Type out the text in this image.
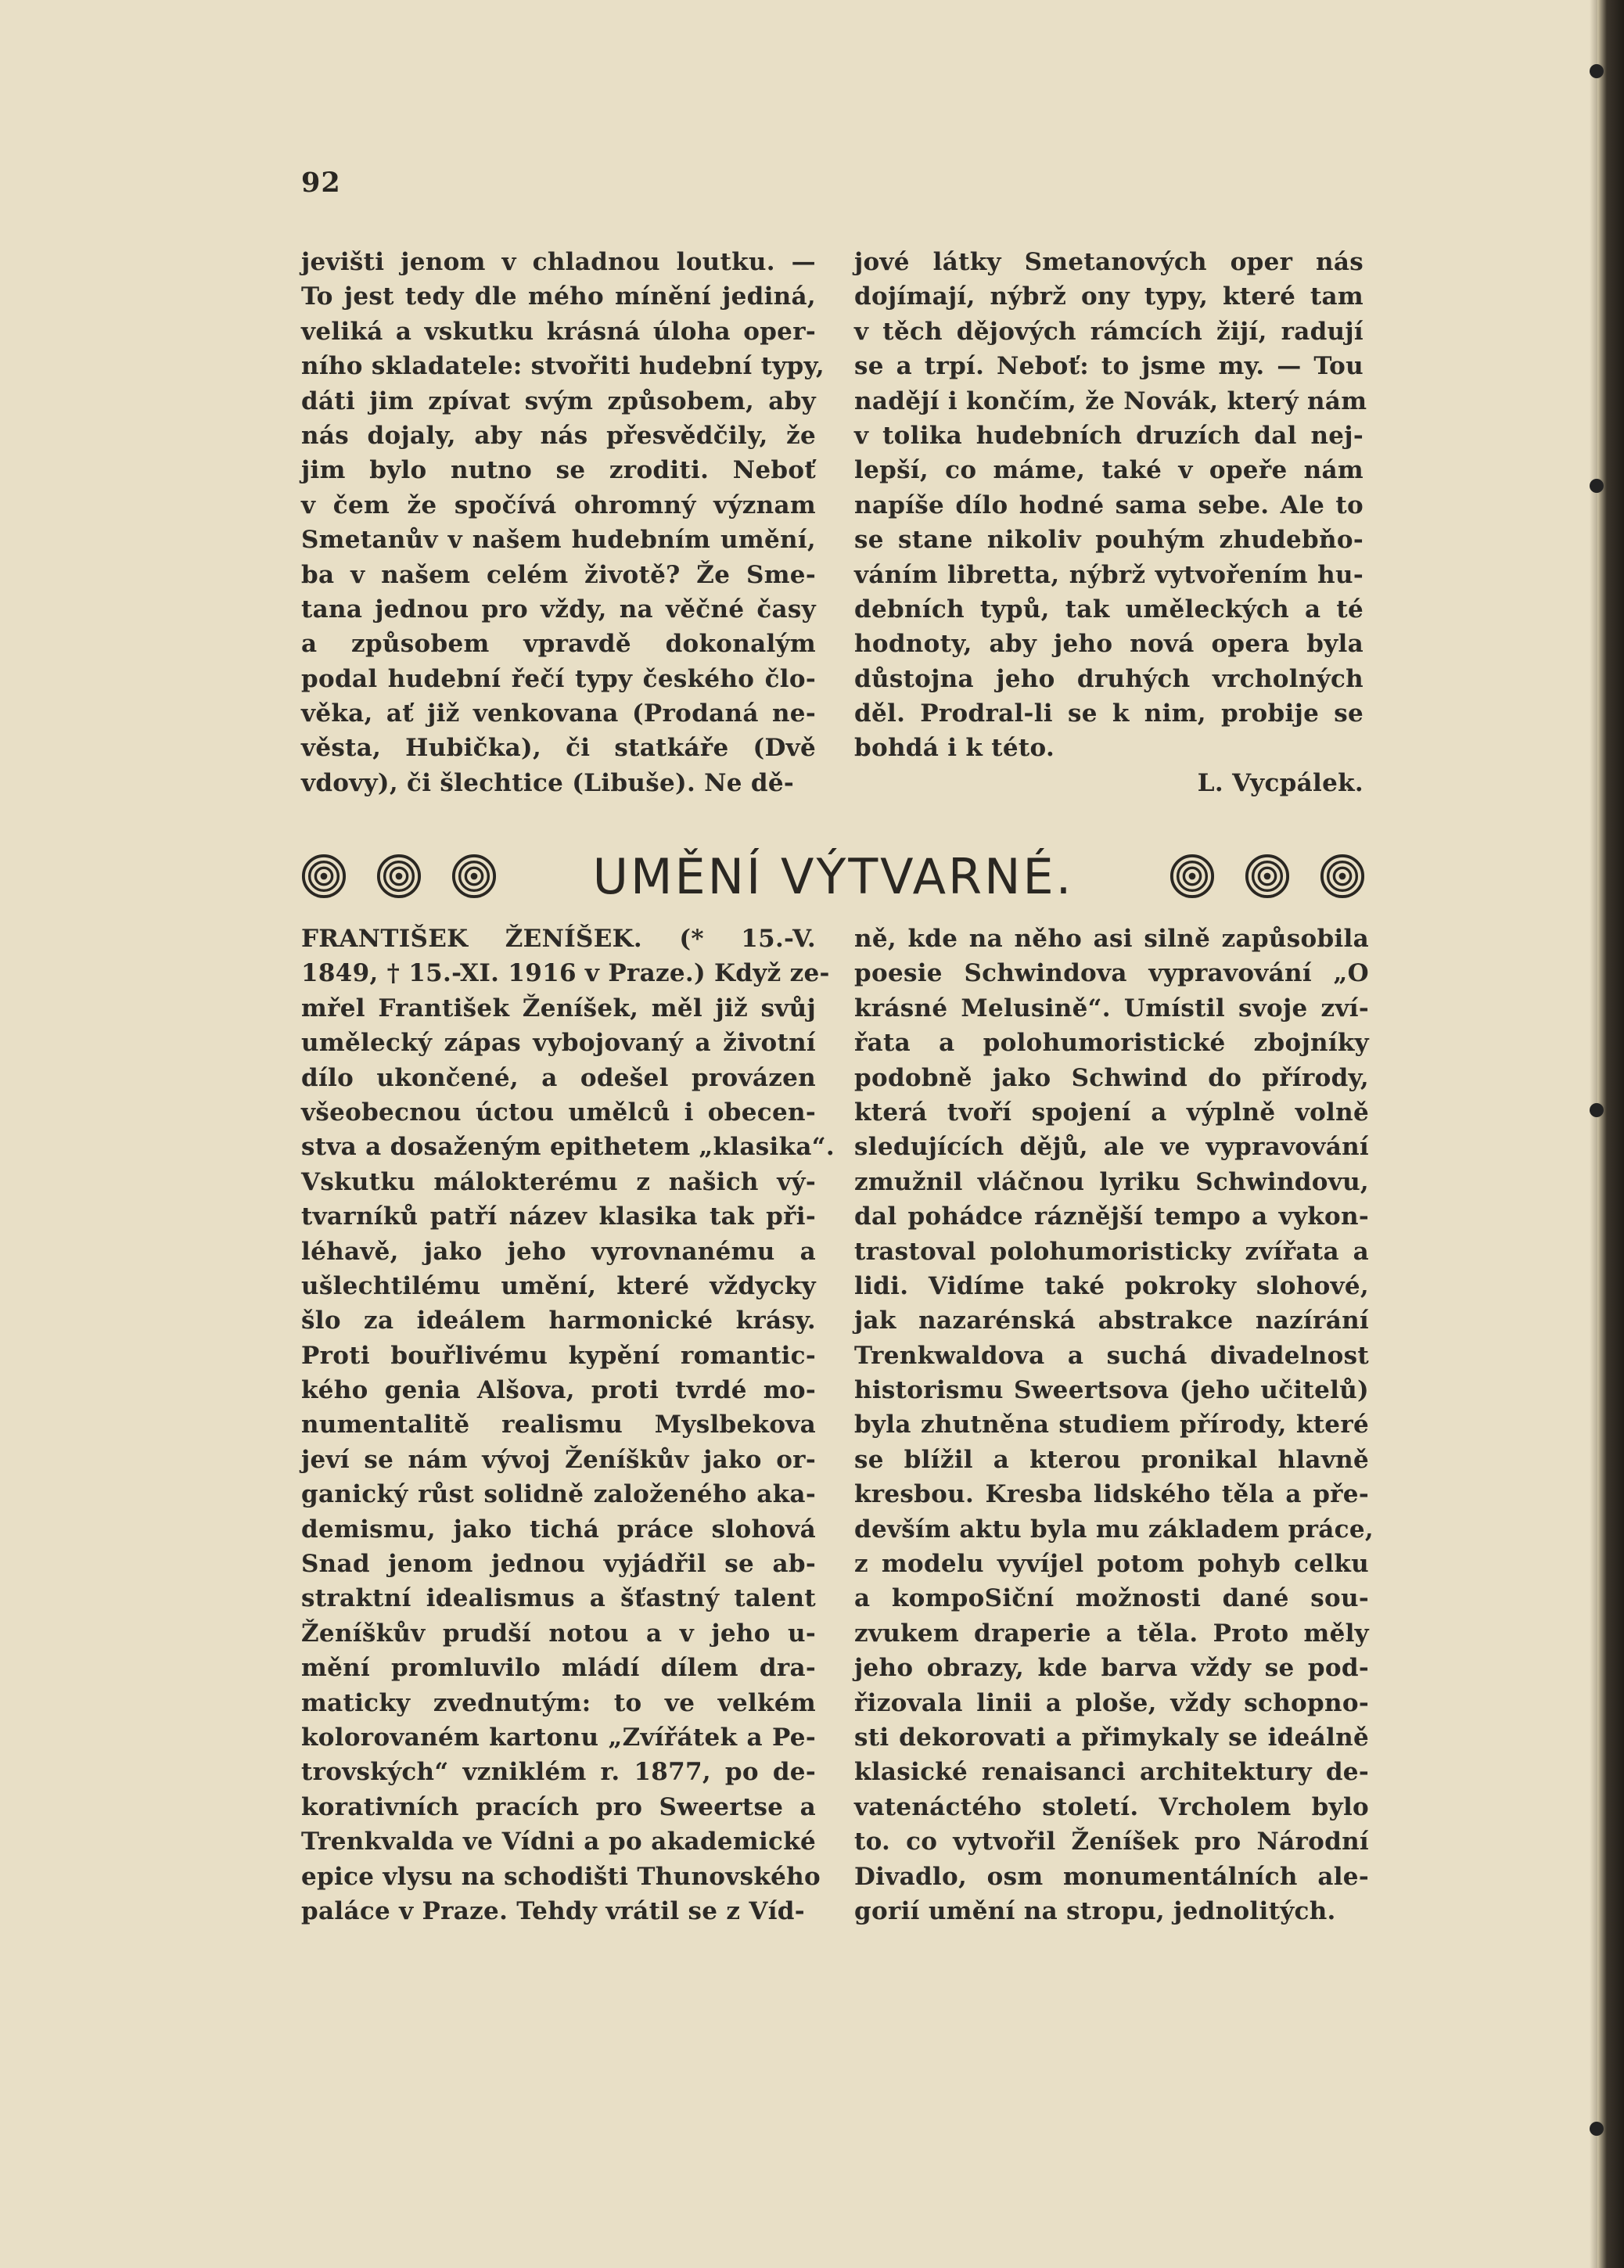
92
jevišti jenom v chladnou loutku. —
To jest tedy dle mého mínění jediná,
veliká a vskutku krásná úloha oper-
ního skladatele: stvořiti hudební typy,
dáti jim zpívat svým způsobem, aby
nás dojaly, aby nás přesvědčily, že
jim bylo nutno se zroditi. Neboť
v čem že spočívá ohromný význam
Smetanův v našem hudebním umění,
ba v našem celém životě? Že Sme-
tana jednou pro vždy, na věčné časy
a způsobem vpravdě dokonalým
podal hudební řečí typy českého člo-
věka, ať již venkovana (Prodaná ne-
věsta, Hubička), či statkáře (Dvě
vdovy), či šlechtice (Libuše). Ne dě-
jové látky Smetanových oper nás
dojímají, nýbrž ony typy, které tam
v těch dějových rámcích žijí, radují
se a trpí. Neboť: to jsme my. — Tou
nadějí i končím, že Novák, který nám
v tolika hudebních druzích dal nej-
lepší, co máme, také v opeře nám
napíše dílo hodné sama sebe. Ale to
se stane nikoliv pouhým zhudebňo-
váním libretta, nýbrž vytvořením hu-
debních typů, tak uměleckých a té
hodnoty, aby jeho nová opera byla
důstojna jeho druhých vrcholných
děl. Prodral-li se k nim, probije se
bohdá i k této.
L. Vycpálek.
UMĚNÍ VÝTVARNÉ.
FRANTIŠEK ŽENÍŠEK. (* 15.-V.
1849, † 15.-XI. 1916 v Praze.) Když ze-
mřel František Ženíšek, měl již svůj
umělecký zápas vybojovaný a životní
dílo ukončené, a odešel provázen
všeobecnou úctou umělců i obecen-
stva a dosaženým epithetem „klasika“.
Vskutku málokterému z našich vý-
tvarníků patří název klasika tak při-
léhavě, jako jeho vyrovnanému a
ušlechtilému umění, které vždycky
šlo za ideálem harmonické krásy.
Proti bouřlivému kypění romantic-
kého genia Alšova, proti tvrdé mo-
numentalitě realismu Myslbekova
jeví se nám vývoj Ženíškův jako or-
ganický růst solidně založeného aka-
demismu, jako tichá práce slohová
Snad jenom jednou vyjádřil se ab-
straktní idealismus a šťastný talent
Ženíškův prudší notou a v jeho u-
mění promluvilo mládí dílem dra-
maticky zvednutým: to ve velkém
kolorovaném kartonu „Zvířátek a Pe-
trovských“ vzniklém r. 1877, po de-
korativních pracích pro Sweertse a
Trenkvalda ve Vídni a po akademické
epice vlysu na schodišti Thunovského
paláce v Praze. Tehdy vrátil se z Víd-
ně, kde na něho asi silně zapůsobila
poesie Schwindova vypravování „O
krásné Melusině“. Umístil svoje zví-
řata a polohumoristické zbojníky
podobně jako Schwind do přírody,
která tvoří spojení a výplně volně
sledujících dějů, ale ve vypravování
zmužnil vláčnou lyriku Schwindovu,
dal pohádce ráznější tempo a vykon-
trastoval polohumoristicky zvířata a
lidi. Vidíme také pokroky slohové,
jak nazarénská abstrakce nazírání
Trenkwaldova a suchá divadelnost
historismu Sweertsova (jeho učitelů)
byla zhutněna studiem přírody, které
se blížil a kterou pronikal hlavně
kresbou. Kresba lidského těla a pře-
devším aktu byla mu základem práce,
z modelu vyvíjel potom pohyb celku
a kompoSiční možnosti dané sou-
zvukem draperie a těla. Proto měly
jeho obrazy, kde barva vždy se pod-
řizovala linii a ploše, vždy schopno-
sti dekorovati a přimykaly se ideálně
klasické renaisanci architektury de-
vatenáctého století. Vrcholem bylo
to. co vytvořil Ženíšek pro Národní
Divadlo, osm monumentálních ale-
gorií umění na stropu, jednolitých.
